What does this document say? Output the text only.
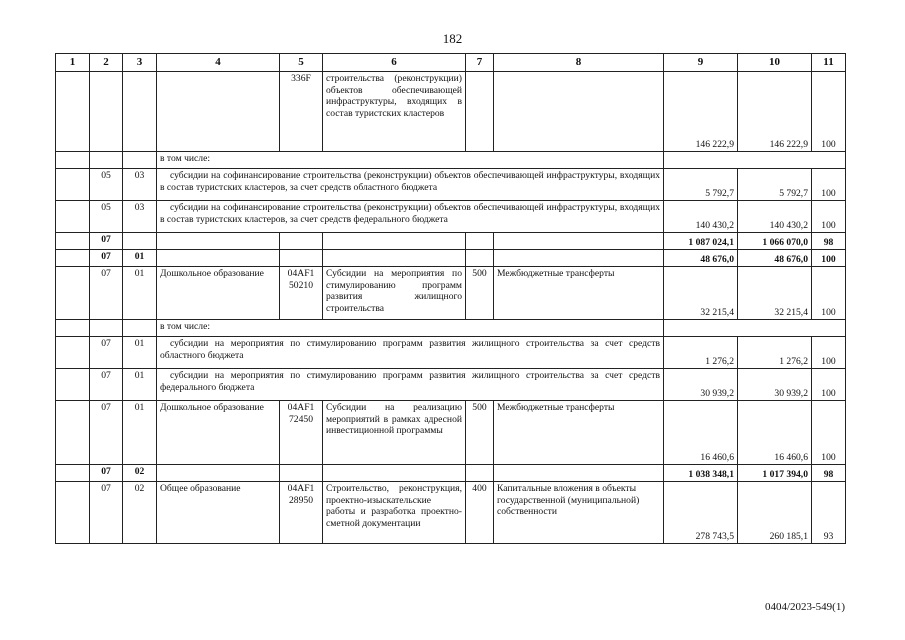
182
1	2	3	4	5	6	7	8	9	10	11
				336F	строительства (реконструкции) объектов обеспечивающей инфраструктуры, входящих в состав туристских кластеров			146 222,9	146 222,9	100
			в том числе:							
	05	03	субсидии на софинансирование строительства (реконструкции) объектов обеспечивающей инфраструктуры, входящих в состав туристских кластеров, за счет средств областного бюджета					5 792,7	5 792,7	100
	05	03	субсидии на софинансирование строительства (реконструкции) объектов обеспечивающей инфраструктуры, входящих в состав туристских кластеров, за счет средств федерального бюджета					140 430,2	140 430,2	100
	07							1 087 024,1	1 066 070,0	98
	07	01						48 676,0	48 676,0	100
	07	01	Дошкольное образование	04AF1 50210	Субсидии на мероприятия по стимулированию программ развития жилищного строительства	500	Межбюджетные трансферты	32 215,4	32 215,4	100
			в том числе:							
	07	01	субсидии на мероприятия по стимулированию программ развития жилищного строительства за счет средств областного бюджета					1 276,2	1 276,2	100
	07	01	субсидии на мероприятия по стимулированию программ развития жилищного строительства за счет средств федерального бюджета					30 939,2	30 939,2	100
	07	01	Дошкольное образование	04AF1 72450	Субсидии на реализацию мероприятий в рамках адресной инвестиционной программы	500	Межбюджетные трансферты	16 460,6	16 460,6	100
	07	02						1 038 348,1	1 017 394,0	98
	07	02	Общее образование	04AF1 28950	Строительство, реконструкция, проектно-изыскательские работы и разработка проектно-сметной документации	400	Капитальные вложения в объекты государственной (муниципальной) собственности	278 743,5	260 185,1	93
0404/2023-549(1)
